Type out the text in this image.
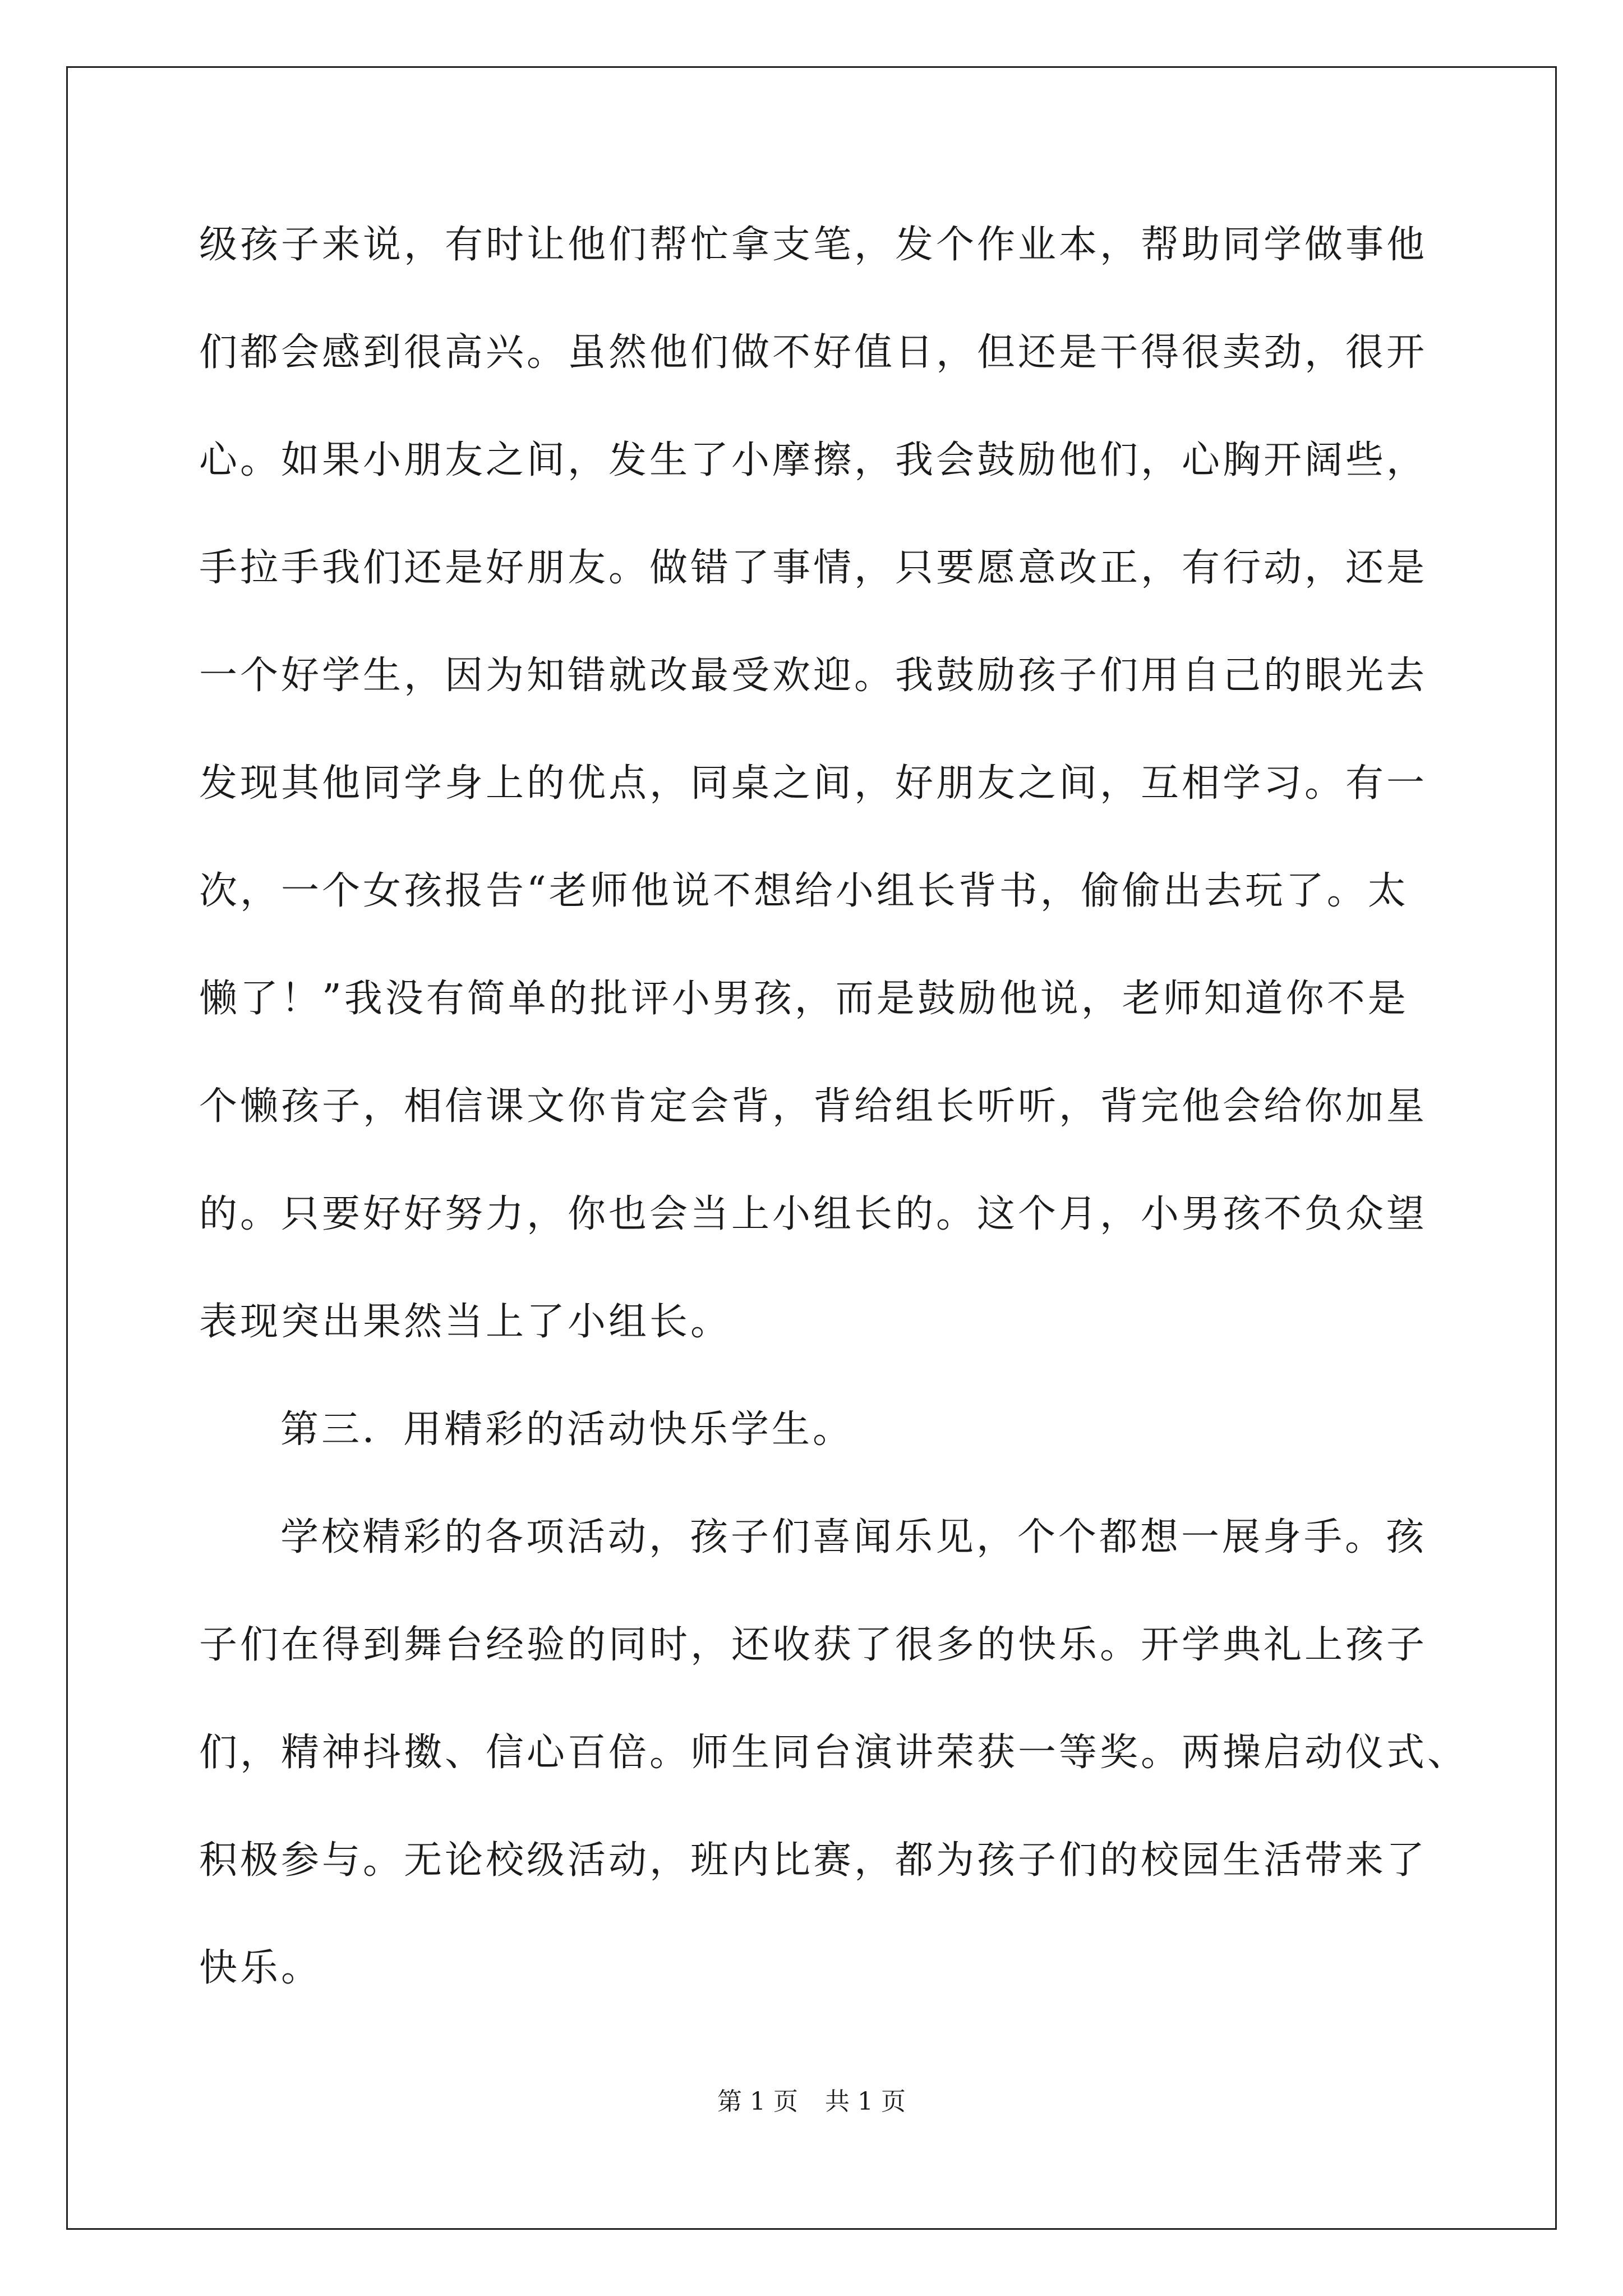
级孩子来说，有时让他们帮忙拿支笔，发个作业本，帮助同学做事他
们都会感到很高兴。虽然他们做不好值日，但还是干得很卖劲，很开
心。如果小朋友之间，发生了小摩擦，我会鼓励他们，心胸开阔些，
手拉手我们还是好朋友。做错了事情，只要愿意改正，有行动，还是
一个好学生，因为知错就改最受欢迎。我鼓励孩子们用自己的眼光去
发现其他同学身上的优点，同桌之间，好朋友之间，互相学习。有一
次，一个女孩报告“老师他说不想给小组长背书，偷偷出去玩了。太
懒了！”我没有简单的批评小男孩，而是鼓励他说，老师知道你不是
个懒孩子，相信课文你肯定会背，背给组长听听，背完他会给你加星
的。只要好好努力，你也会当上小组长的。这个月，小男孩不负众望
表现突出果然当上了小组长。
第三．用精彩的活动快乐学生。
学校精彩的各项活动，孩子们喜闻乐见，个个都想一展身手。孩
子们在得到舞台经验的同时，还收获了很多的快乐。开学典礼上孩子
们，精神抖擞、信心百倍。师生同台演讲荣获一等奖。两操启动仪式、
积极参与。无论校级活动，班内比赛，都为孩子们的校园生活带来了
快乐。
第 1 页 共 1 页
